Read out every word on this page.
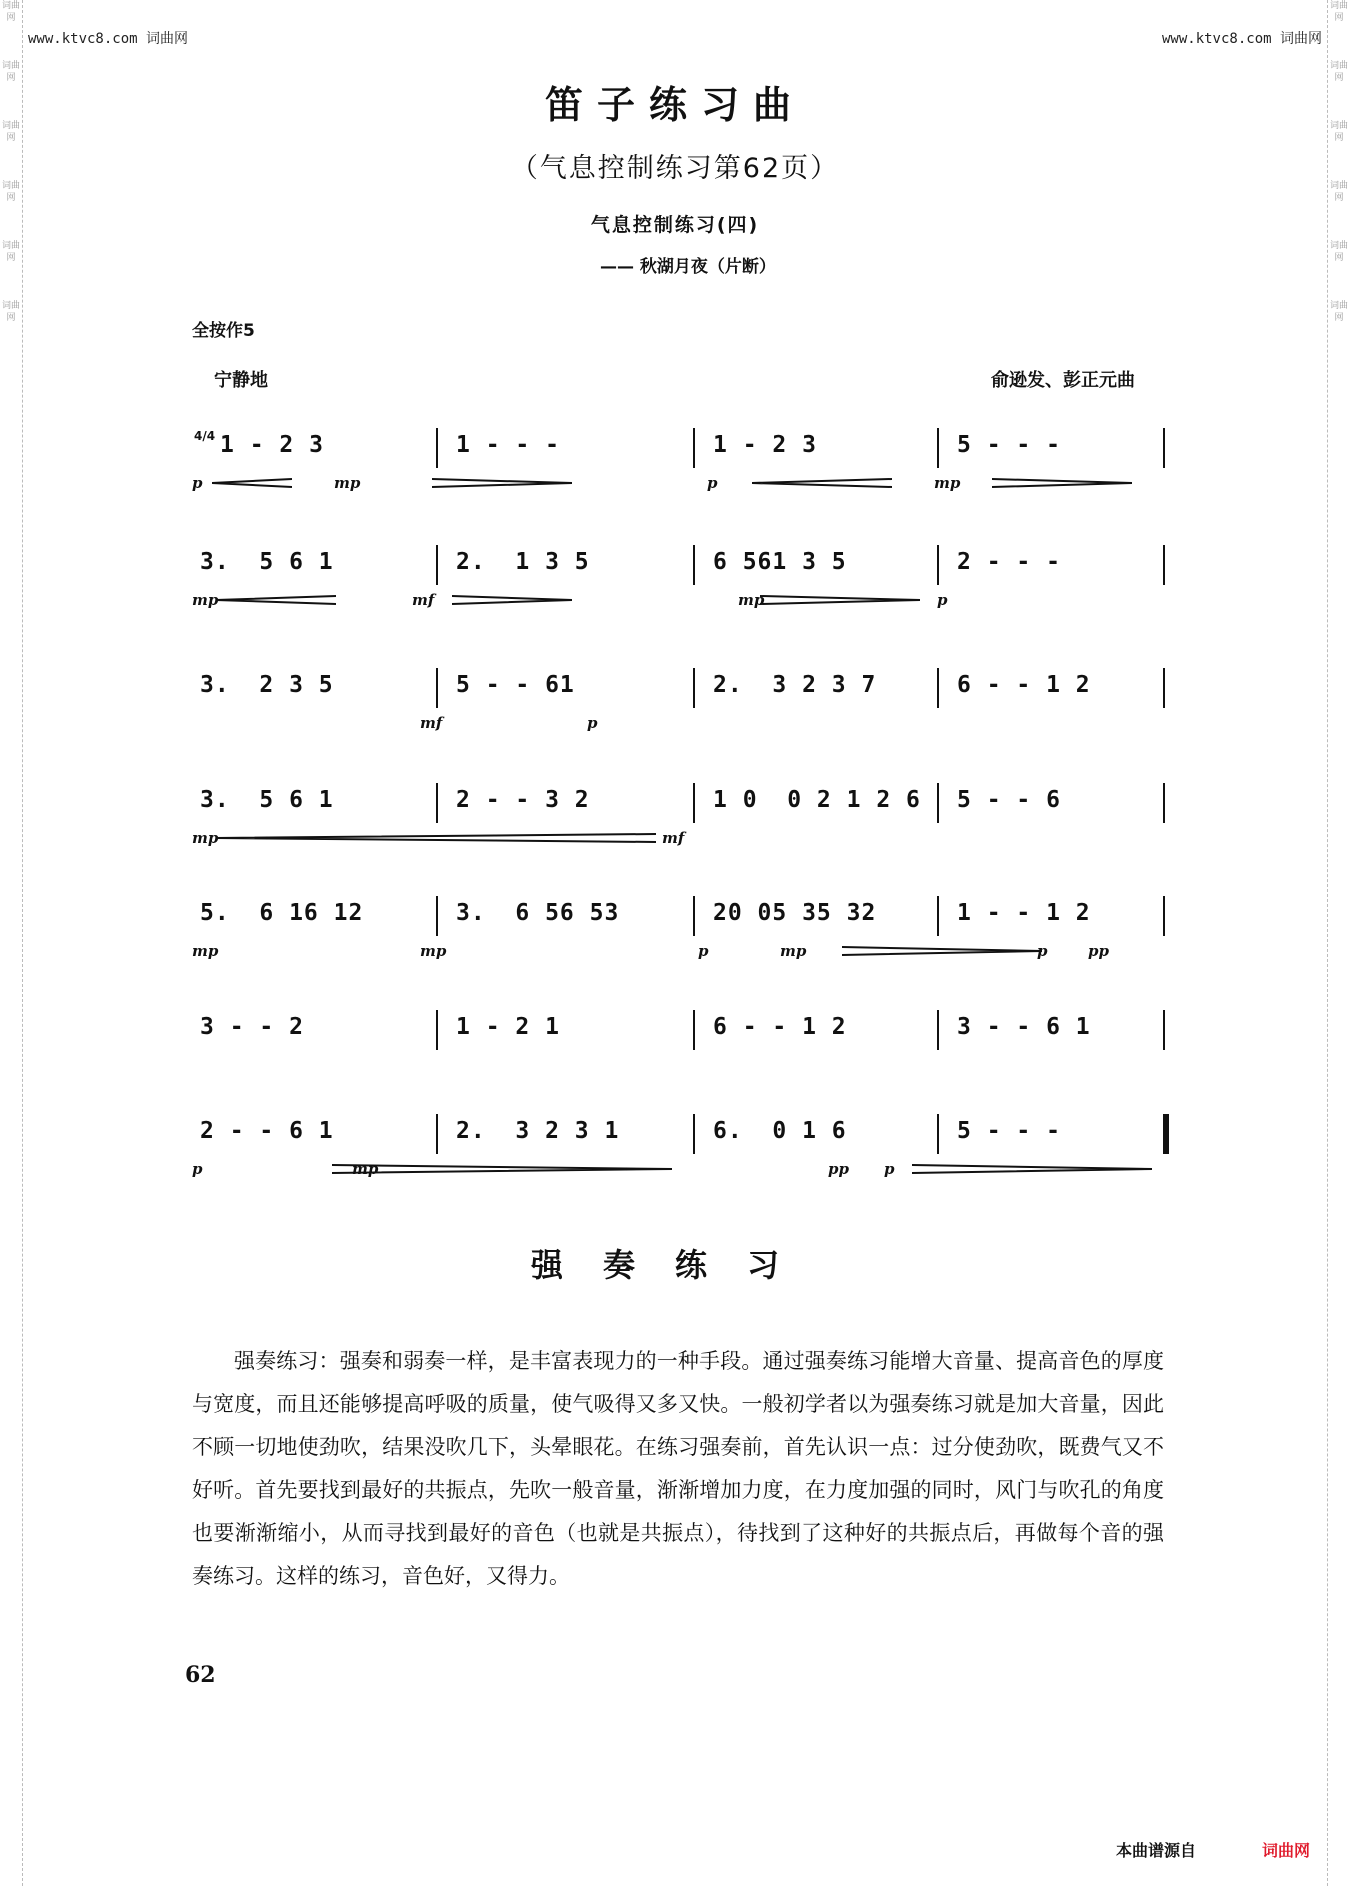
词曲网
词曲网
词曲网
词曲网
词曲网
词曲网
词曲网
词曲网
词曲网
词曲网
词曲网
词曲网
www.ktvc8.com 词曲网	www.ktvc8.com 词曲网
笛子练习曲
（气息控制练习第62页）
气息控制练习(四)
—— 秋湖月夜（片断）
全按作5
宁静地	俞逊发、彭正元曲
1 - 2 3	1 - - -	1 - 2 3	5 - - -
p	mp	p	mp
3.  5 6 1	2.  1 3 5	6 561 3 5	2 - - -
mp	mf	mp	p
3.  2 3 5	5 - - 61	2.  3 2 3 7	6 - - 1 2
mf	p
3.  5 6 1	2 - - 3 2	1 0  0 2 1 2 6 5 - - 6
mp	mf
5.  6 16 12	3.  6 56 53	20 05 35 32	1 - - 1 2
mp	mp	p	mp	p	pp
3 - - 2	1 - 2 1	6 - - 1 2	3 - - 6 1
2 - - 6 1	2.  3 2 3 1	6.  0 1 6	5 - - -
p	mp	pp p
4/4
强奏练习

强奏练习：强奏和弱奏一样，是丰富表现力的一种手段。通过强奏练习能增大音量、提高音色的厚度与宽度，而且还能够提高呼吸的质量，使气吸得又多又快。一般初学者以为强奏练习就是加大音量，因此不顾一切地使劲吹，结果没吹几下，头晕眼花。在练习强奏前，首先认识一点：过分使劲吹，既费气又不好听。首先要找到最好的共振点，先吹一般音量，渐渐增加力度，在力度加强的同时，风门与吹孔的角度也要渐渐缩小，从而寻找到最好的音色（也就是共振点），待找到了这种好的共振点后，再做每个音的强奏练习。这样的练习，音色好，又得力。

62
本曲谱源自	词曲网
